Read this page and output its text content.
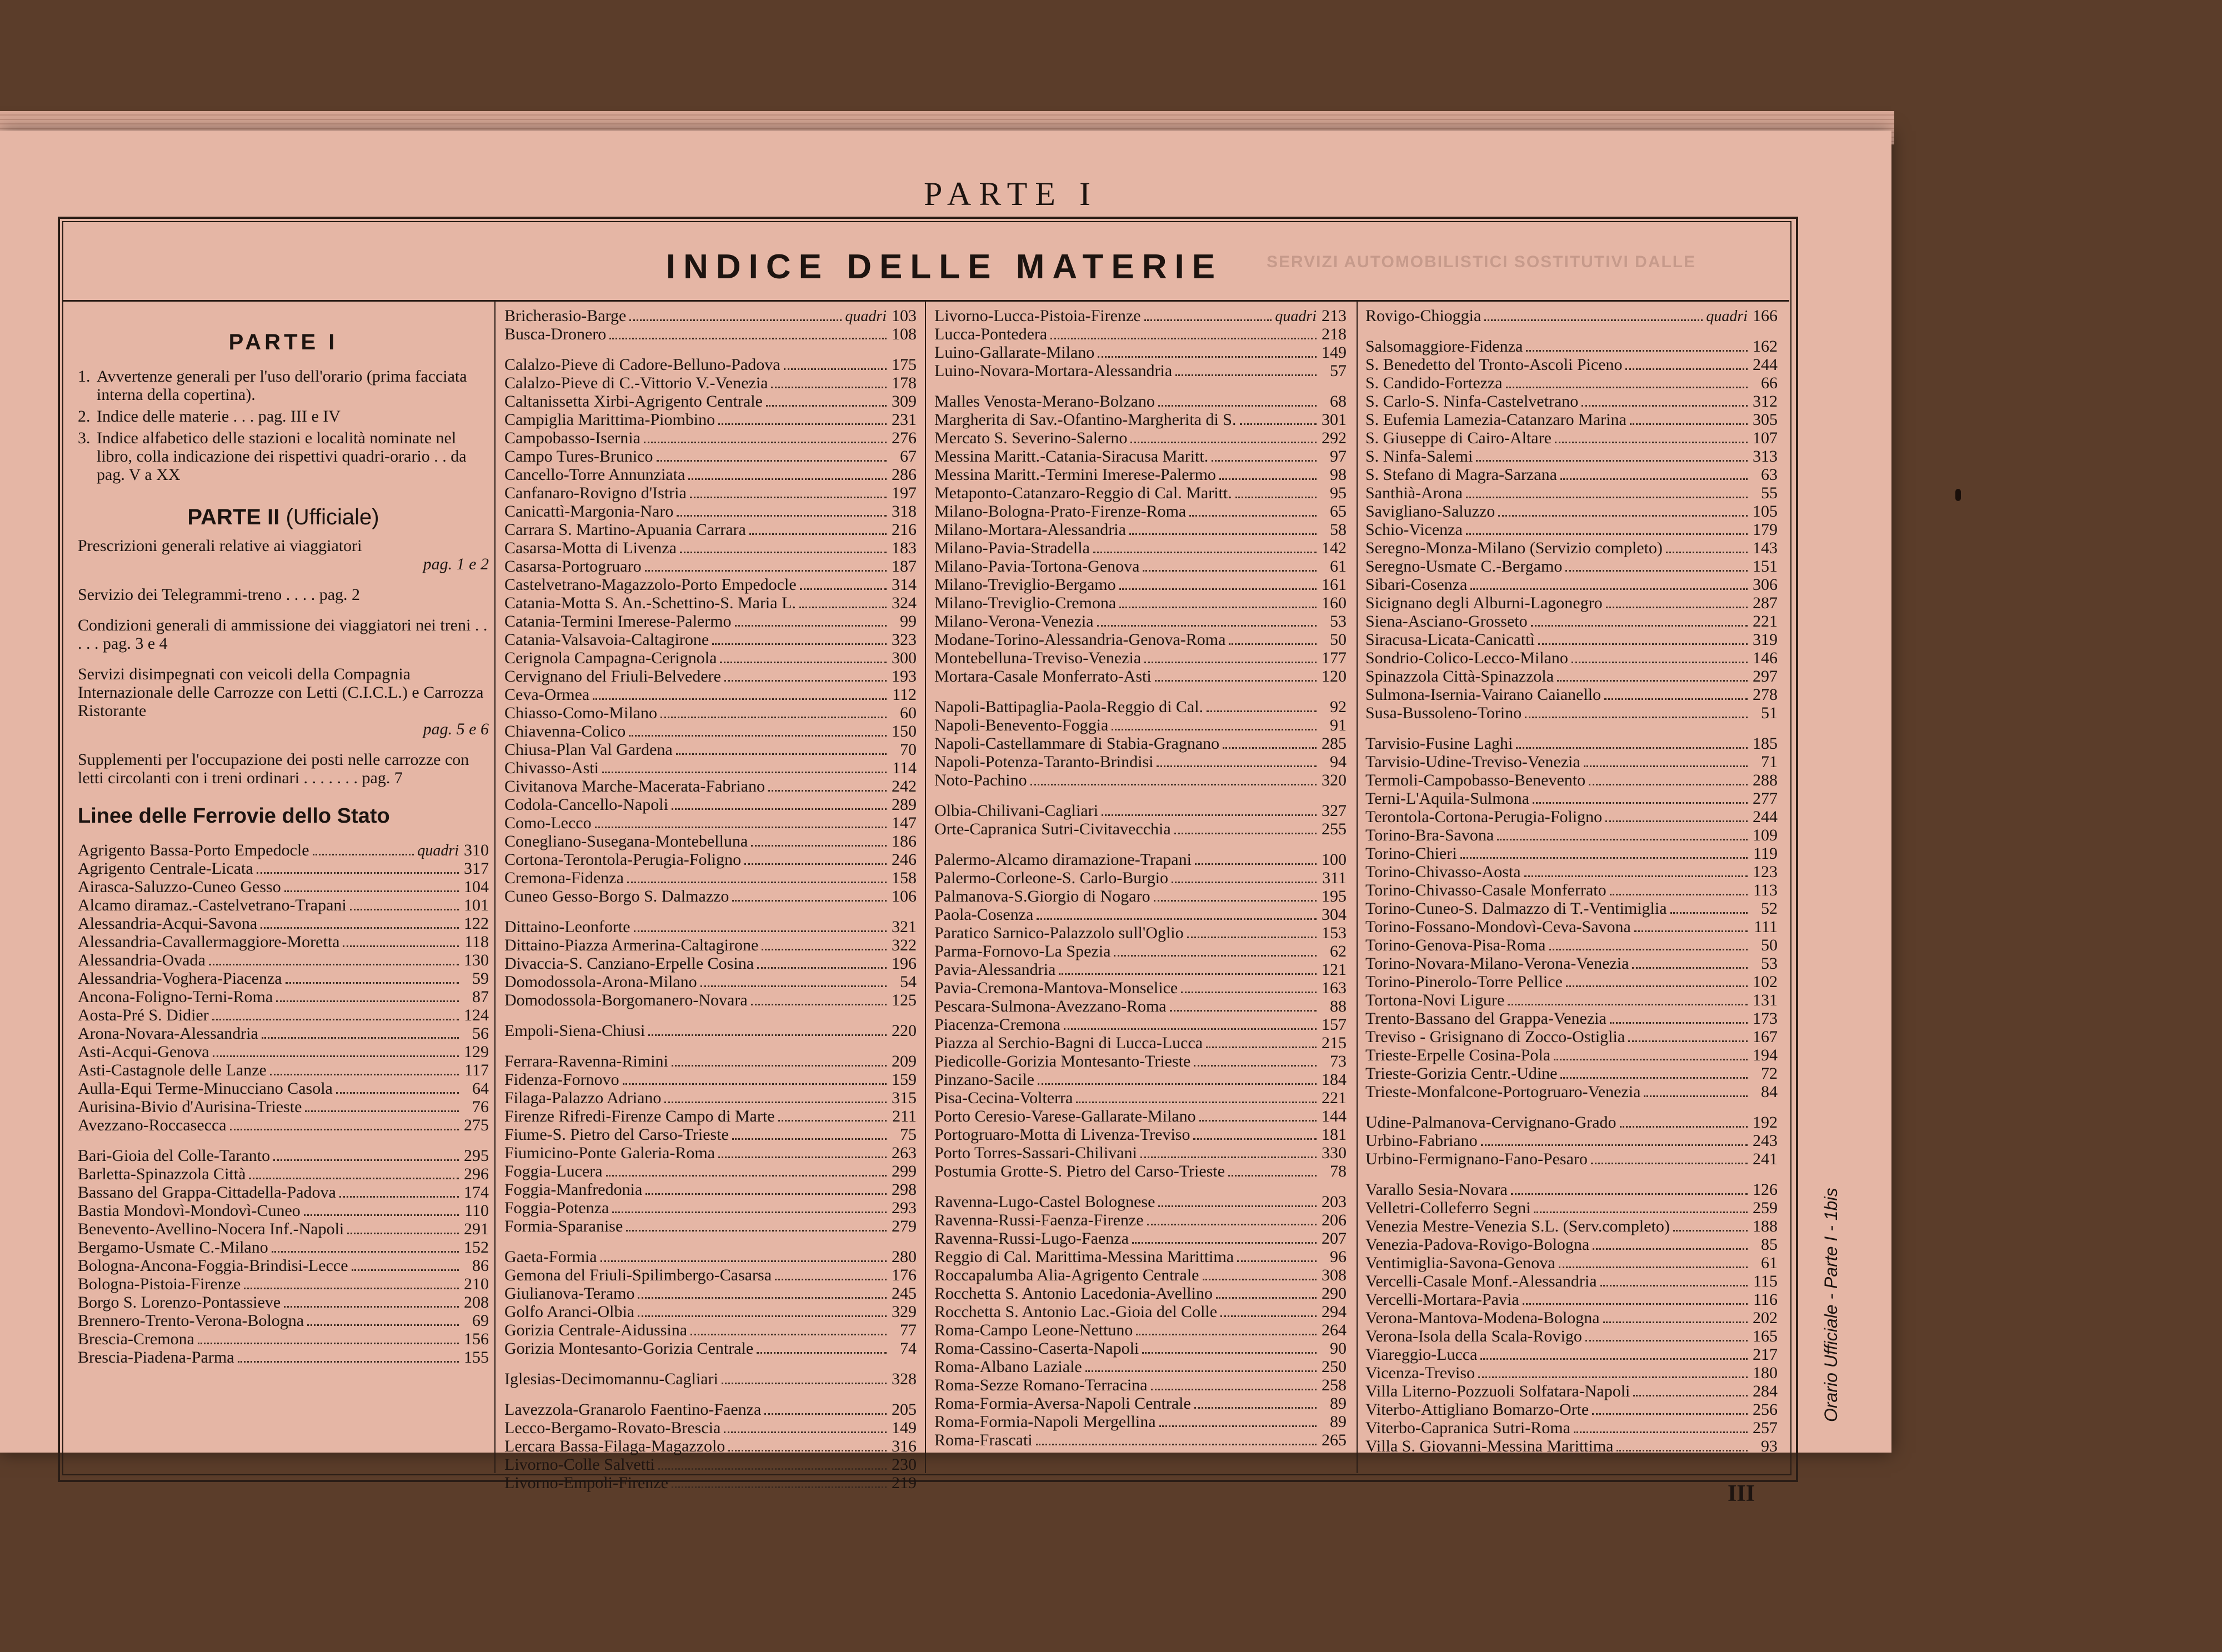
PARTE I
SERVIZI AUTOMOBILISTICI SOSTITUTIVI DALLE
INDICE DELLE MATERIE
PARTE I
1. Avvertenze generali per l'uso dell'orario (prima facciata interna della copertina).
2. Indice delle materie . . . pag. III e IV
3. Indice alfabetico delle stazioni e località nominate nel libro, colla indicazione dei rispettivi quadri-orario . . da pag. V a XX
PARTE II (Ufficiale)
Prescrizioni generali relative ai viaggiatori
pag. 1 e 2
Servizio dei Telegrammi-treno . . . . pag. 2
Condizioni generali di ammissione dei viaggiatori nei treni . . . . . pag. 3 e 4
Servizi disimpegnati con veicoli della Compagnia Internazionale delle Carrozze con Letti (C.I.C.L.) e Carrozza Ristorante
pag. 5 e 6
Supplementi per l'occupazione dei posti nelle carrozze con letti circolanti con i treni ordinari . . . . . . . pag. 7
Linee delle Ferrovie dello Stato
Agrigento Bassa-Porto Empedocle	quadri 310
Agrigento Centrale-Licata	317
Airasca-Saluzzo-Cuneo Gesso	104
Alcamo diramaz.-Castelvetrano-Trapani	101
Alessandria-Acqui-Savona	122
Alessandria-Cavallermaggiore-Moretta	118
Alessandria-Ovada	130
Alessandria-Voghera-Piacenza	59
Ancona-Foligno-Terni-Roma	87
Aosta-Pré S. Didier	124
Arona-Novara-Alessandria	56
Asti-Acqui-Genova	129
Asti-Castagnole delle Lanze	117
Aulla-Equi Terme-Minucciano Casola	64
Aurisina-Bivio d'Aurisina-Trieste	76
Avezzano-Roccasecca	275
Bari-Gioia del Colle-Taranto	295
Barletta-Spinazzola Città	296
Bassano del Grappa-Cittadella-Padova	174
Bastia Mondovì-Mondovì-Cuneo	110
Benevento-Avellino-Nocera Inf.-Napoli	291
Bergamo-Usmate C.-Milano	152
Bologna-Ancona-Foggia-Brindisi-Lecce	86
Bologna-Pistoia-Firenze	210
Borgo S. Lorenzo-Pontassieve	208
Brennero-Trento-Verona-Bologna	69
Brescia-Cremona	156
Brescia-Piadena-Parma	155
Bricherasio-Barge	quadri 103
Busca-Dronero	108
Calalzo-Pieve di Cadore-Belluno-Padova	175
Calalzo-Pieve di C.-Vittorio V.-Venezia	178
Caltanissetta Xirbi-Agrigento Centrale	309
Campiglia Marittima-Piombino	231
Campobasso-Isernia	276
Campo Tures-Brunico	67
Cancello-Torre Annunziata	286
Canfanaro-Rovigno d'Istria	197
Canicattì-Margonia-Naro	318
Carrara S. Martino-Apuania Carrara	216
Casarsa-Motta di Livenza	183
Casarsa-Portogruaro	187
Castelvetrano-Magazzolo-Porto Empedocle	314
Catania-Motta S. An.-Schettino-S. Maria L.	324
Catania-Termini Imerese-Palermo	99
Catania-Valsavoia-Caltagirone	323
Cerignola Campagna-Cerignola	300
Cervignano del Friuli-Belvedere	193
Ceva-Ormea	112
Chiasso-Como-Milano	60
Chiavenna-Colico	150
Chiusa-Plan Val Gardena	70
Chivasso-Asti	114
Civitanova Marche-Macerata-Fabriano	242
Codola-Cancello-Napoli	289
Como-Lecco	147
Conegliano-Susegana-Montebelluna	186
Cortona-Terontola-Perugia-Foligno	246
Cremona-Fidenza	158
Cuneo Gesso-Borgo S. Dalmazzo	106
Dittaino-Leonforte	321
Dittaino-Piazza Armerina-Caltagirone	322
Divaccia-S. Canziano-Erpelle Cosina	196
Domodossola-Arona-Milano	54
Domodossola-Borgomanero-Novara	125
Empoli-Siena-Chiusi	220
Ferrara-Ravenna-Rimini	209
Fidenza-Fornovo	159
Filaga-Palazzo Adriano	315
Firenze Rifredi-Firenze Campo di Marte	211
Fiume-S. Pietro del Carso-Trieste	75
Fiumicino-Ponte Galeria-Roma	263
Foggia-Lucera	299
Foggia-Manfredonia	298
Foggia-Potenza	293
Formia-Sparanise	279
Gaeta-Formia	280
Gemona del Friuli-Spilimbergo-Casarsa	176
Giulianova-Teramo	245
Golfo Aranci-Olbia	329
Gorizia Centrale-Aidussina	77
Gorizia Montesanto-Gorizia Centrale	74
Iglesias-Decimomannu-Cagliari	328
Lavezzola-Granarolo Faentino-Faenza	205
Lecco-Bergamo-Rovato-Brescia	149
Lercara Bassa-Filaga-Magazzolo	316
Livorno-Colle Salvetti	230
Livorno-Empoli-Firenze	219
Livorno-Lucca-Pistoia-Firenze	quadri 213
Lucca-Pontedera	218
Luino-Gallarate-Milano	149
Luino-Novara-Mortara-Alessandria	57
Malles Venosta-Merano-Bolzano	68
Margherita di Sav.-Ofantino-Margherita di S.	301
Mercato S. Severino-Salerno	292
Messina Maritt.-Catania-Siracusa Maritt.	97
Messina Maritt.-Termini Imerese-Palermo	98
Metaponto-Catanzaro-Reggio di Cal. Maritt.	95
Milano-Bologna-Prato-Firenze-Roma	65
Milano-Mortara-Alessandria	58
Milano-Pavia-Stradella	142
Milano-Pavia-Tortona-Genova	61
Milano-Treviglio-Bergamo	161
Milano-Treviglio-Cremona	160
Milano-Verona-Venezia	53
Modane-Torino-Alessandria-Genova-Roma	50
Montebelluna-Treviso-Venezia	177
Mortara-Casale Monferrato-Asti	120
Napoli-Battipaglia-Paola-Reggio di Cal.	92
Napoli-Benevento-Foggia	91
Napoli-Castellammare di Stabia-Gragnano	285
Napoli-Potenza-Taranto-Brindisi	94
Noto-Pachino	320
Olbia-Chilivani-Cagliari	327
Orte-Capranica Sutri-Civitavecchia	255
Palermo-Alcamo diramazione-Trapani	100
Palermo-Corleone-S. Carlo-Burgio	311
Palmanova-S.Giorgio di Nogaro	195
Paola-Cosenza	304
Paratico Sarnico-Palazzolo sull'Oglio	153
Parma-Fornovo-La Spezia	62
Pavia-Alessandria	121
Pavia-Cremona-Mantova-Monselice	163
Pescara-Sulmona-Avezzano-Roma	88
Piacenza-Cremona	157
Piazza al Serchio-Bagni di Lucca-Lucca	215
Piedicolle-Gorizia Montesanto-Trieste	73
Pinzano-Sacile	184
Pisa-Cecina-Volterra	221
Porto Ceresio-Varese-Gallarate-Milano	144
Portogruaro-Motta di Livenza-Treviso	181
Porto Torres-Sassari-Chilivani	330
Postumia Grotte-S. Pietro del Carso-Trieste	78
Ravenna-Lugo-Castel Bolognese	203
Ravenna-Russi-Faenza-Firenze	206
Ravenna-Russi-Lugo-Faenza	207
Reggio di Cal. Marittima-Messina Marittima	96
Roccapalumba Alia-Agrigento Centrale	308
Rocchetta S. Antonio Lacedonia-Avellino	290
Rocchetta S. Antonio Lac.-Gioia del Colle	294
Roma-Campo Leone-Nettuno	264
Roma-Cassino-Caserta-Napoli	90
Roma-Albano Laziale	250
Roma-Sezze Romano-Terracina	258
Roma-Formia-Aversa-Napoli Centrale	89
Roma-Formia-Napoli Mergellina	89
Roma-Frascati	265
Rovigo-Chioggia	quadri 166
Salsomaggiore-Fidenza	162
S. Benedetto del Tronto-Ascoli Piceno	244
S. Candido-Fortezza	66
S. Carlo-S. Ninfa-Castelvetrano	312
S. Eufemia Lamezia-Catanzaro Marina	305
S. Giuseppe di Cairo-Altare	107
S. Ninfa-Salemi	313
S. Stefano di Magra-Sarzana	63
Santhià-Arona	55
Savigliano-Saluzzo	105
Schio-Vicenza	179
Seregno-Monza-Milano (Servizio completo)	143
Seregno-Usmate C.-Bergamo	151
Sibari-Cosenza	306
Sicignano degli Alburni-Lagonegro	287
Siena-Asciano-Grosseto	221
Siracusa-Licata-Canicattì	319
Sondrio-Colico-Lecco-Milano	146
Spinazzola Città-Spinazzola	297
Sulmona-Isernia-Vairano Caianello	278
Susa-Bussoleno-Torino	51
Tarvisio-Fusine Laghi	185
Tarvisio-Udine-Treviso-Venezia	71
Termoli-Campobasso-Benevento	288
Terni-L'Aquila-Sulmona	277
Terontola-Cortona-Perugia-Foligno	244
Torino-Bra-Savona	109
Torino-Chieri	119
Torino-Chivasso-Aosta	123
Torino-Chivasso-Casale Monferrato	113
Torino-Cuneo-S. Dalmazzo di T.-Ventimiglia	52
Torino-Fossano-Mondovì-Ceva-Savona	111
Torino-Genova-Pisa-Roma	50
Torino-Novara-Milano-Verona-Venezia	53
Torino-Pinerolo-Torre Pellice	102
Tortona-Novi Ligure	131
Trento-Bassano del Grappa-Venezia	173
Treviso - Grisignano di Zocco-Ostiglia	167
Trieste-Erpelle Cosina-Pola	194
Trieste-Gorizia Centr.-Udine	72
Trieste-Monfalcone-Portogruaro-Venezia	84
Udine-Palmanova-Cervignano-Grado	192
Urbino-Fabriano	243
Urbino-Fermignano-Fano-Pesaro	241
Varallo Sesia-Novara	126
Velletri-Colleferro Segni	259
Venezia Mestre-Venezia S.L. (Serv.completo)	188
Venezia-Padova-Rovigo-Bologna	85
Ventimiglia-Savona-Genova	61
Vercelli-Casale Monf.-Alessandria	115
Vercelli-Mortara-Pavia	116
Verona-Mantova-Modena-Bologna	202
Verona-Isola della Scala-Rovigo	165
Viareggio-Lucca	217
Vicenza-Treviso	180
Villa Literno-Pozzuoli Solfatara-Napoli	284
Viterbo-Attigliano Bomarzo-Orte	256
Viterbo-Capranica Sutri-Roma	257
Villa S. Giovanni-Messina Marittima	93
III
Orario Ufficiale - Parte I - 1bis
